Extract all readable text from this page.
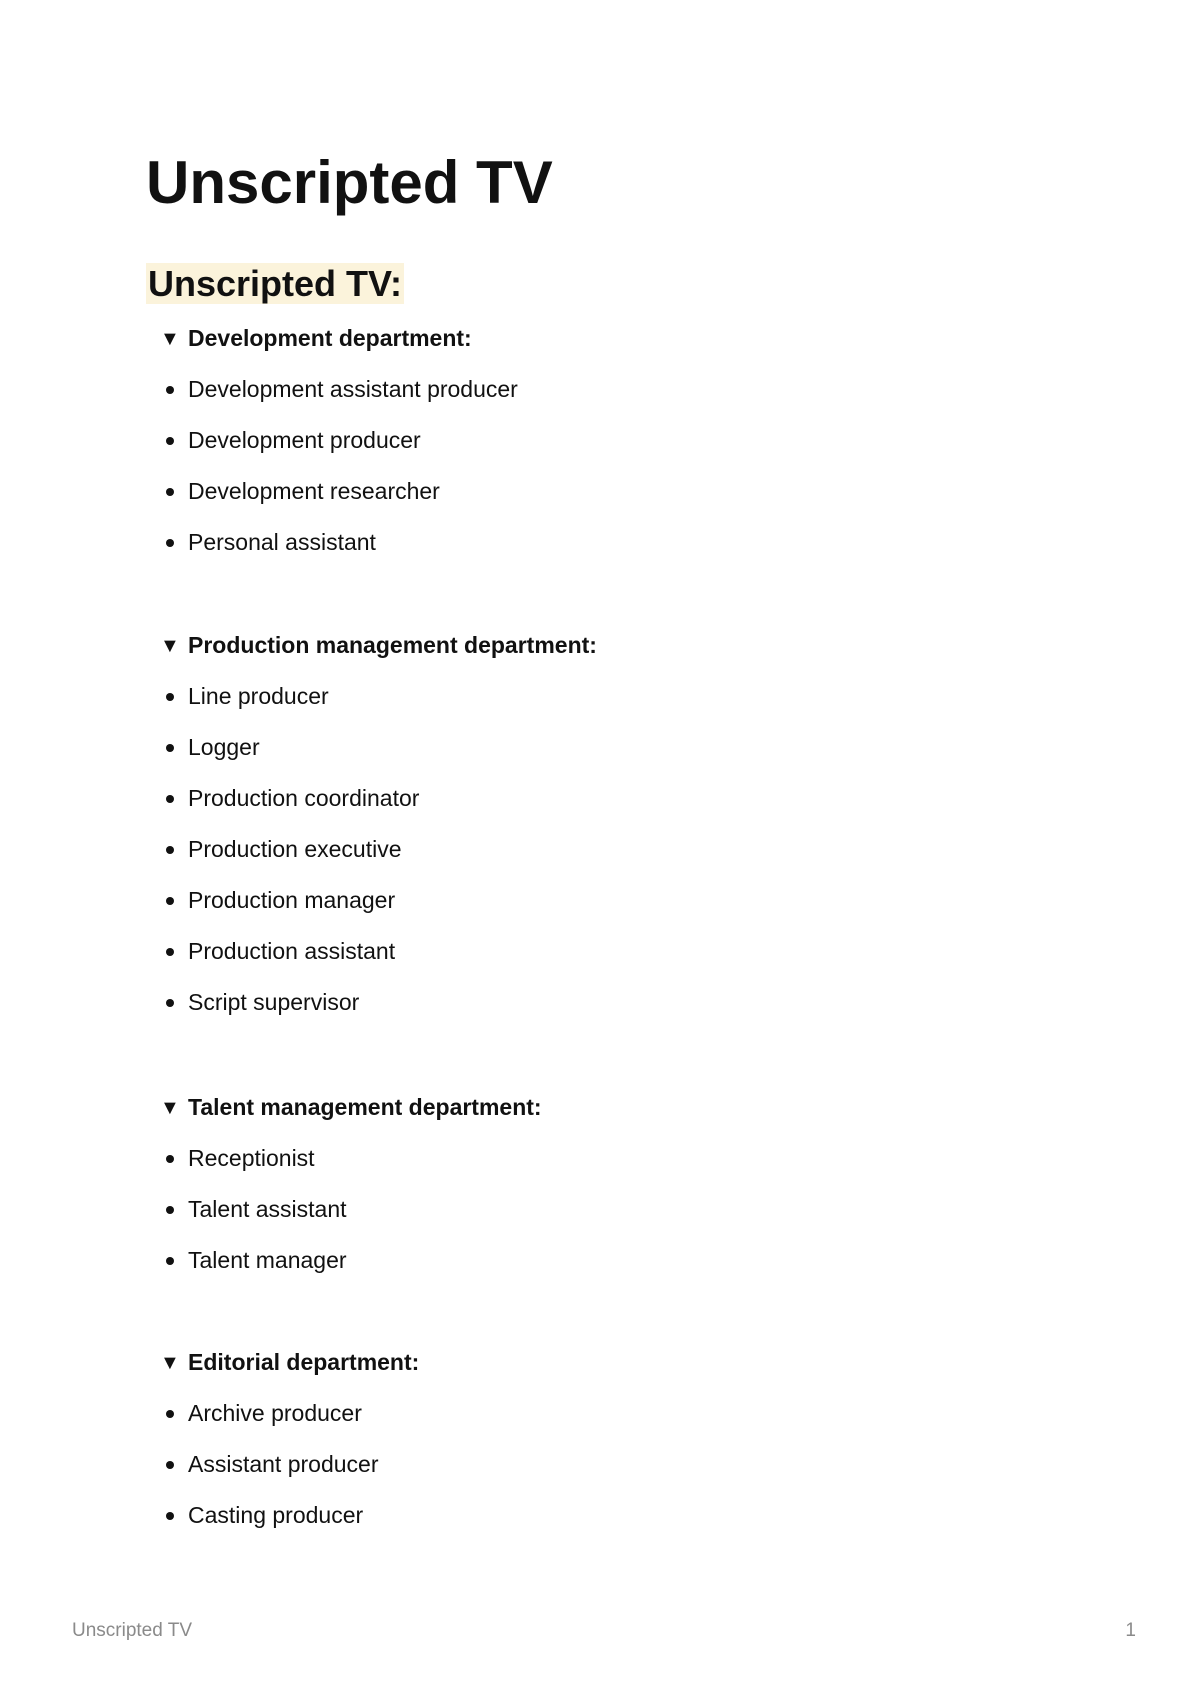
Unscripted TV
Unscripted TV:
▼ Development department:
Development assistant producer
Development producer
Development researcher
Personal assistant
▼ Production management department:
Line producer
Logger
Production coordinator
Production executive
Production manager
Production assistant
Script supervisor
▼ Talent management department:
Receptionist
Talent assistant
Talent manager
▼ Editorial department:
Archive producer
Assistant producer
Casting producer
Unscripted TV	1
